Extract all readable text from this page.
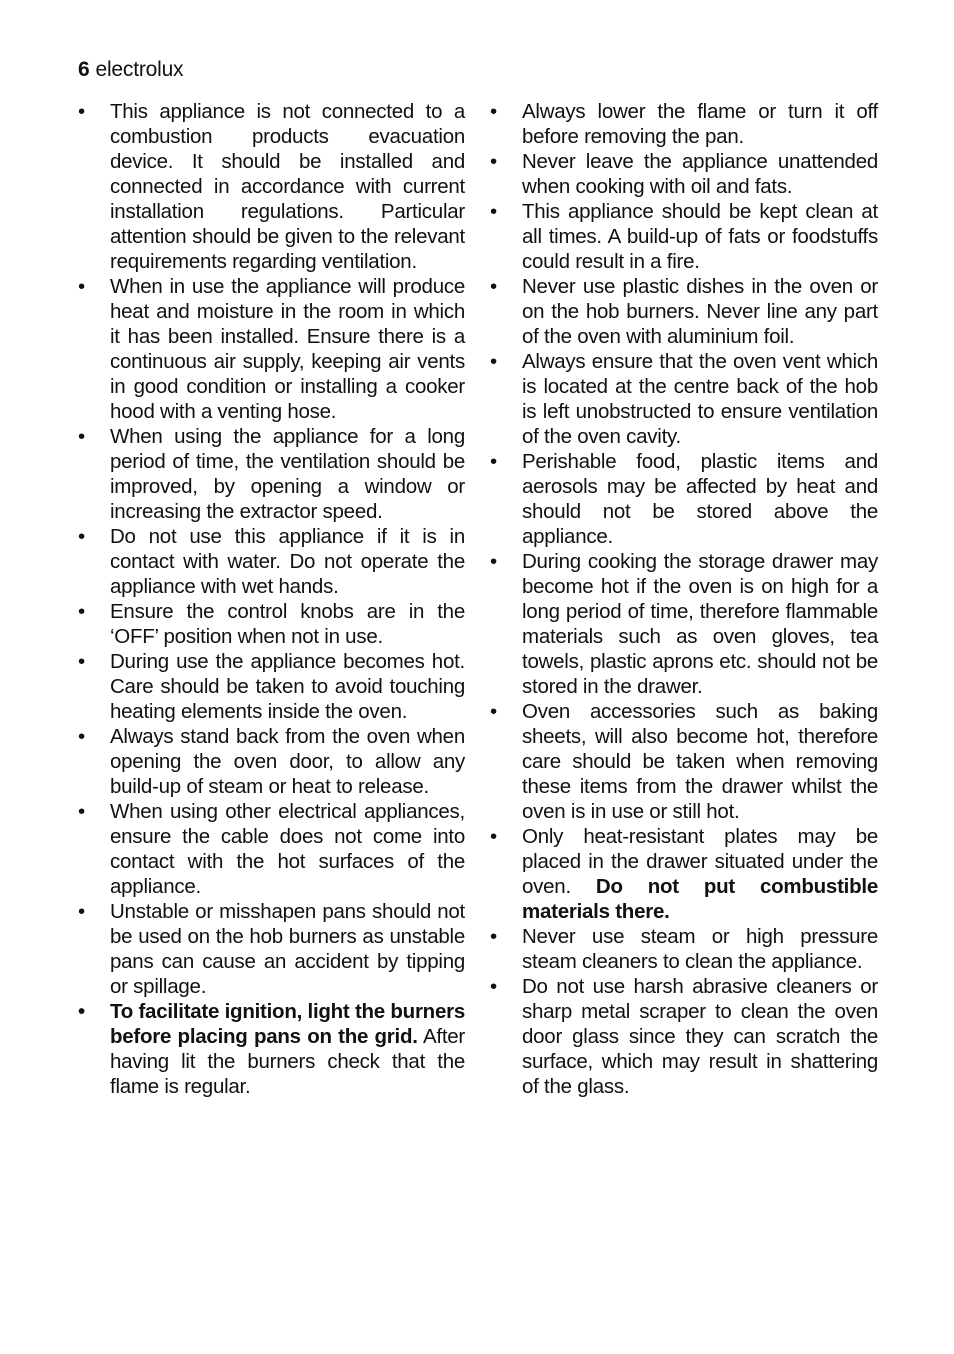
6 electrolux
•	This appliance is not connected to a combustion products evacuation device. It should be installed and connected in accordance with current installation regulations. Particular attention should be given to the relevant requirements regarding ventilation.
•	When in use the appliance will produce heat and moisture in the room in which it has been installed. Ensure there is a continuous air supply, keeping air vents in good condition or installing a cooker hood with a venting hose.
•	When using the appliance for a long period of time, the ventilation should be improved, by opening a window or increasing the extractor speed.
•	Do not use this appliance if it is in contact with water. Do not operate the appliance with wet hands.
•	Ensure the control knobs are in the ‘OFF’ position when not in use.
•	During use the appliance becomes hot. Care should be taken to avoid touching heating elements inside the oven.
•	Always stand back from the oven when opening the oven door, to allow any build-up of steam or heat to release.
•	When using other electrical appliances, ensure the cable does not come into contact with the hot surfaces of the appliance.
•	Unstable or misshapen pans should not be used on the hob burners as unstable pans can cause an accident by tipping or spillage.
•	To facilitate ignition, light the burners before placing pans on the grid. After having lit the burners check that the flame is regular.
•	Always lower the flame or turn it off before removing the pan.
•	Never leave the appliance unattended when cooking with oil and fats.
•	This appliance should be kept clean at all times. A build-up of fats or foodstuffs could result in a fire.
•	Never use plastic dishes in the oven or on the hob burners. Never line any part of the oven with aluminium foil.
•	Always ensure that the oven vent which is located at the centre back of the hob is left unobstructed to ensure ventilation of the oven cavity.
•	Perishable food, plastic items and aerosols may be affected by heat and should not be stored above the appliance.
•	During cooking the storage drawer may become hot if the oven is on high for a long period of time, therefore flammable materials such as oven gloves, tea towels, plastic aprons etc. should not be stored in the drawer.
•	Oven accessories such as baking sheets, will also become hot, therefore care should be taken when removing these items from the drawer whilst the oven is in use or still hot.
•	Only heat-resistant plates may be placed in the drawer situated under the oven. Do not put combustible materials there.
•	Never use steam or high pressure steam cleaners to clean the appliance.
•	Do not use harsh abrasive cleaners or sharp metal scraper to clean the oven door glass since they can scratch the surface, which may result in shattering of the glass.
